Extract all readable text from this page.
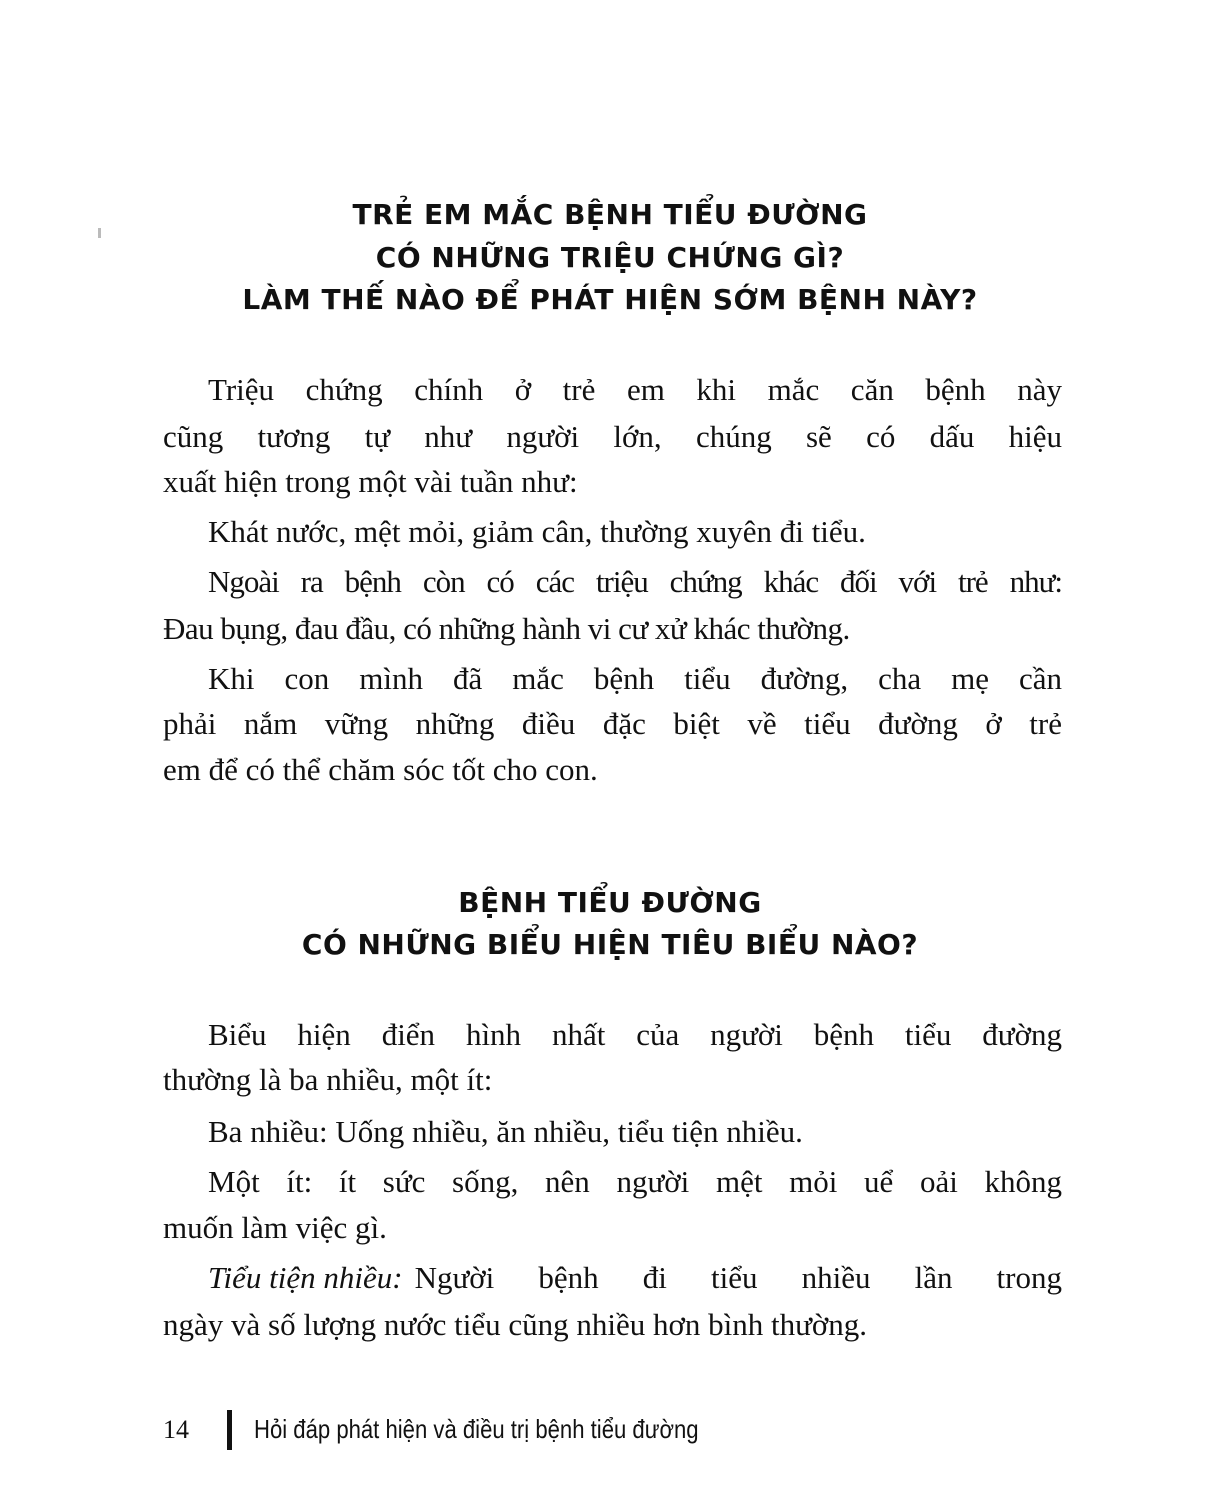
TRẺ EM MẮC BỆNH TIỂU ĐƯỜNG
CÓ NHỮNG TRIỆU CHỨNG GÌ?
LÀM THẾ NÀO ĐỂ PHÁT HIỆN SỚM BỆNH NÀY?
Triệu chứng chính ở trẻ em khi mắc căn bệnh này
cũng tương tự như người lớn, chúng sẽ có dấu hiệu
xuất hiện trong một vài tuần như:
Khát nước, mệt mỏi, giảm cân, thường xuyên đi tiểu.
Ngoài ra bệnh còn có các triệu chứng khác đối với trẻ như:
Đau bụng, đau đầu, có những hành vi cư xử khác thường.
Khi con mình đã mắc bệnh tiểu đường, cha mẹ cần
phải nắm vững những điều đặc biệt về tiểu đường ở trẻ
em để có thể chăm sóc tốt cho con.
BỆNH TIỂU ĐƯỜNG
CÓ NHỮNG BIỂU HIỆN TIÊU BIỂU NÀO?
Biểu hiện điển hình nhất của người bệnh tiểu đường
thường là ba nhiều, một ít:
Ba nhiều: Uống nhiều, ăn nhiều, tiểu tiện nhiều.
Một ít: ít sức sống, nên người mệt mỏi uể oải không
muốn làm việc gì.
Tiểu tiện nhiều: Người bệnh đi tiểu nhiều lần trong
ngày và số lượng nước tiểu cũng nhiều hơn bình thường.
14	Hỏi đáp phát hiện và điều trị bệnh tiểu đường
